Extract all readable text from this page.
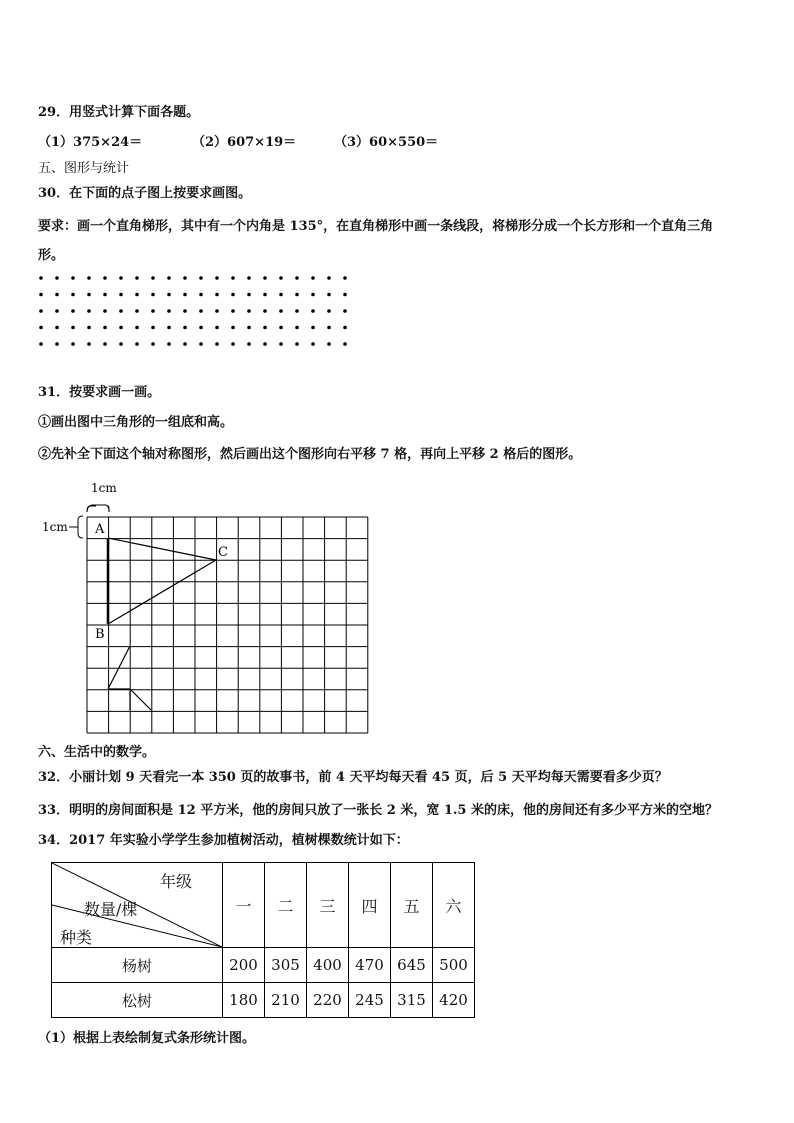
29．用竖式计算下面各题。
（1）375×24＝	（2）607×19＝	（3）60×550＝
五、图形与统计
30．在下面的点子图上按要求画图。
要求：画一个直角梯形，其中有一个内角是 135°，在直角梯形中画一条线段，将梯形分成一个长方形和一个直角三角
形。
31．按要求画一画。
①画出图中三角形的一组底和高。
②先补全下面这个轴对称图形，然后画出这个图形向右平移 7 格，再向上平移 2 格后的图形。
1cm
1cm A
B
C
六、生活中的数学。
32．小丽计划 9 天看完一本 350 页的故事书，前 4 天平均每天看 45 页，后 5 天平均每天需要看多少页？
33．明明的房间面积是 12 平方米，他的房间只放了一张长 2 米，宽 1.5 米的床，他的房间还有多少平方米的空地？
34．2017 年实验小学学生参加植树活动，植树棵数统计如下：
年级
数量/棵
种类	一	二	三	四	五	六
杨树	200	305	400	470	645	500
松树	180	210	220	245	315	420
（1）根据上表绘制复式条形统计图。
